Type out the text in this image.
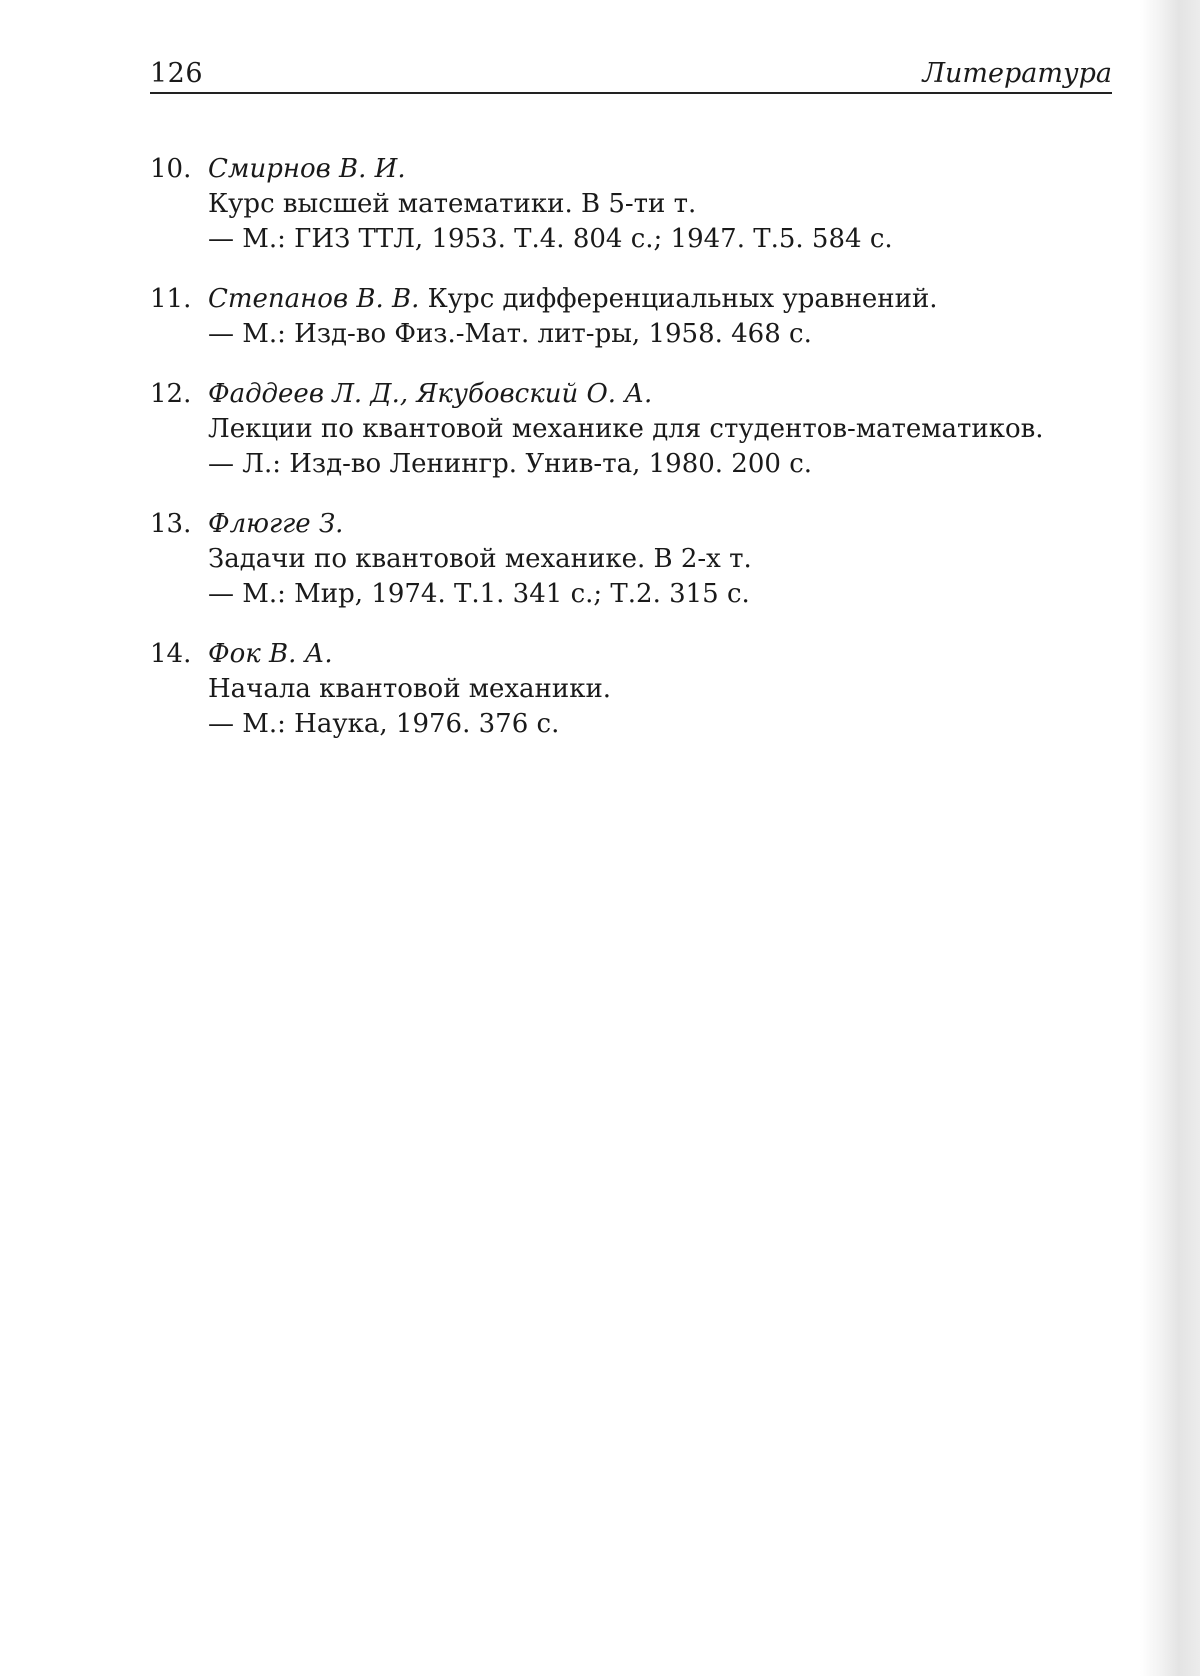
126	Литература
10. Смирнов В. И.
Курс высшей математики. В 5-ти т.
— М.: ГИЗ ТТЛ, 1953. Т.4. 804 с.; 1947. Т.5. 584 с.
11. Степанов В. В. Курс дифференциальных уравнений.
— М.: Изд-во Физ.-Мат. лит-ры, 1958. 468 с.
12. Фаддеев Л. Д., Якубовский О. А.
Лекции по квантовой механике для студентов-математиков.
— Л.: Изд-во Ленингр. Унив-та, 1980. 200 с.
13. Флюгге З.
Задачи по квантовой механике. В 2-х т.
— М.: Мир, 1974. Т.1. 341 с.; Т.2. 315 с.
14. Фок В. А.
Начала квантовой механики.
— М.: Наука, 1976. 376 с.
